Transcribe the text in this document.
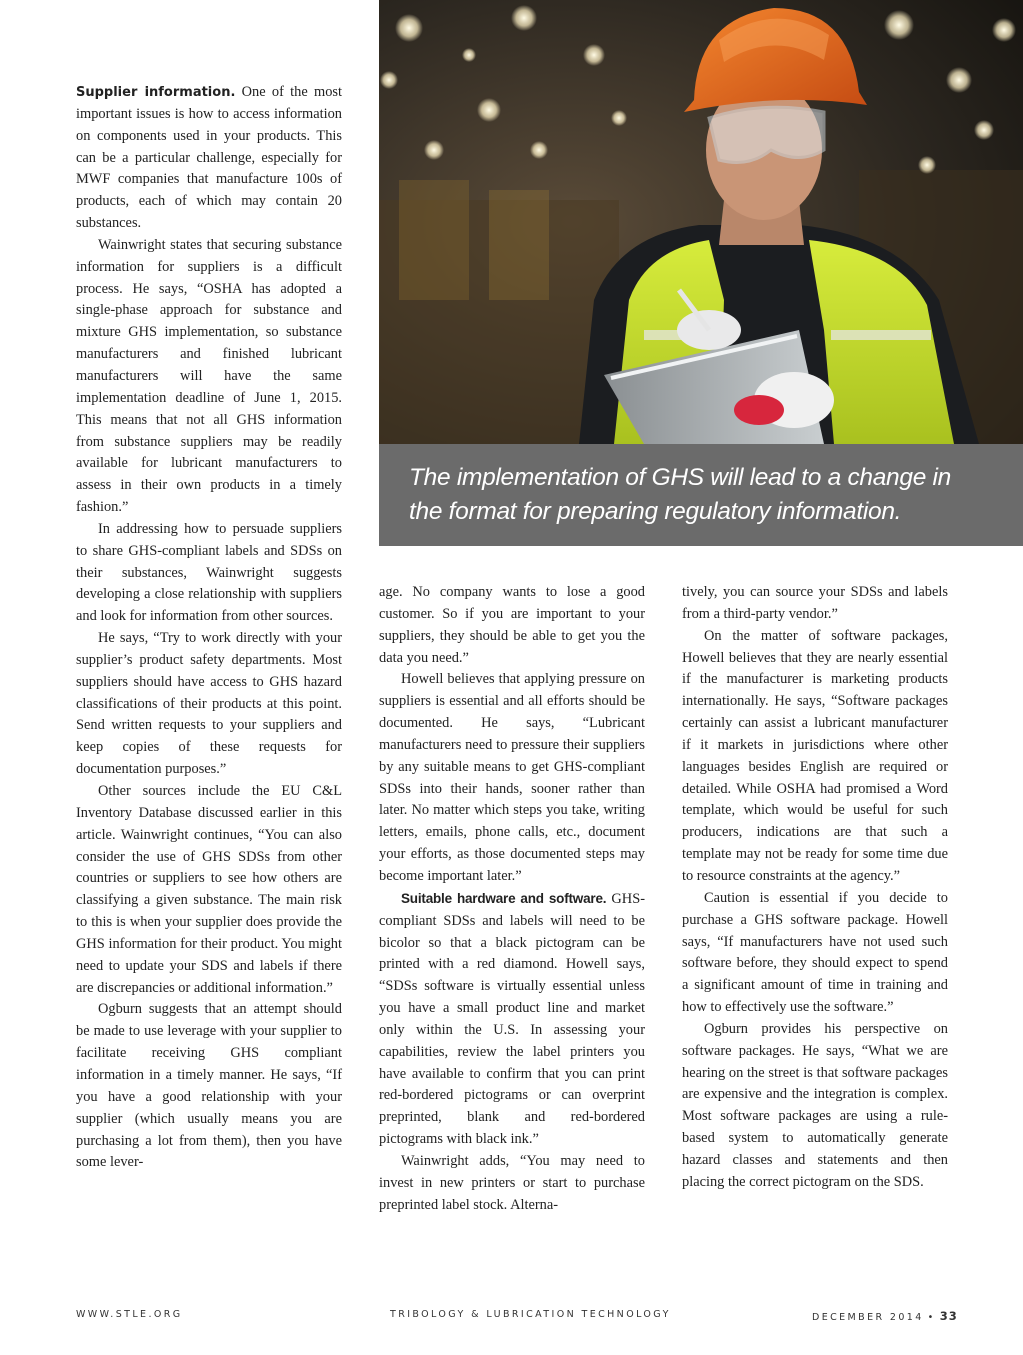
Supplier information. One of the most important issues is how to access information on components used in your products. This can be a particular challenge, especially for MWF companies that manufacture 100s of products, each of which may contain 20 substances.

Wainwright states that securing substance information for suppliers is a difficult process. He says, “OSHA has adopted a single-phase approach for substance and mixture GHS implementation, so substance manufacturers and finished lubricant manufacturers will have the same implementation deadline of June 1, 2015. This means that not all GHS information from substance suppliers may be readily available for lubricant manufacturers to assess in their own products in a timely fashion.”

In addressing how to persuade suppliers to share GHS-compliant labels and SDSs on their substances, Wainwright suggests developing a close relationship with suppliers and look for information from other sources.

He says, “Try to work directly with your supplier’s product safety departments. Most suppliers should have access to GHS hazard classifications of their products at this point. Send written requests to your suppliers and keep copies of these requests for documentation purposes.”

Other sources include the EU C&L Inventory Database discussed earlier in this article. Wainwright continues, “You can also consider the use of GHS SDSs from other countries or suppliers to see how others are classifying a given substance. The main risk to this is when your supplier does provide the GHS information for their product. You might need to update your SDS and labels if there are discrepancies or additional information.”

Ogburn suggests that an attempt should be made to use leverage with your supplier to facilitate receiving GHS compliant information in a timely manner. He says, “If you have a good relationship with your supplier (which usually means you are purchasing a lot from them), then you have some lever-

The implementation of GHS will lead to a change in the format for preparing regulatory information.

age. No company wants to lose a good customer. So if you are important to your suppliers, they should be able to get you the data you need.”

Howell believes that applying pressure on suppliers is essential and all efforts should be documented. He says, “Lubricant manufacturers need to pressure their suppliers by any suitable means to get GHS-compliant SDSs into their hands, sooner rather than later. No matter which steps you take, writing letters, emails, phone calls, etc., document your efforts, as those documented steps may become important later.”

Suitable hardware and software. GHS-compliant SDSs and labels will need to be bicolor so that a black pictogram can be printed with a red diamond. Howell says, “SDSs software is virtually essential unless you have a small product line and market only within the U.S. In assessing your capabilities, review the label printers you have available to confirm that you can print red-bordered pictograms or can overprint preprinted, blank and red-bordered pictograms with black ink.”

Wainwright adds, “You may need to invest in new printers or start to purchase preprinted label stock. Alterna-

tively, you can source your SDSs and labels from a third-party vendor.”

On the matter of software packages, Howell believes that they are nearly essential if the manufacturer is marketing products internationally. He says, “Software packages certainly can assist a lubricant manufacturer if it markets in jurisdictions where other languages besides English are required or detailed. While OSHA had promised a Word template, which would be useful for such producers, indications are that such a template may not be ready for some time due to resource constraints at the agency.”

Caution is essential if you decide to purchase a GHS software package. Howell says, “If manufacturers have not used such software before, they should expect to spend a significant amount of time in training and how to effectively use the software.”

Ogburn provides his perspective on software packages. He says, “What we are hearing on the street is that software packages are expensive and the integration is complex. Most software packages are using a rule-based system to automatically generate hazard classes and statements and then placing the correct pictogram on the SDS.

WWW.STLE.ORG	TRIBOLOGY & LUBRICATION TECHNOLOGY	DECEMBER 2014 • 33
